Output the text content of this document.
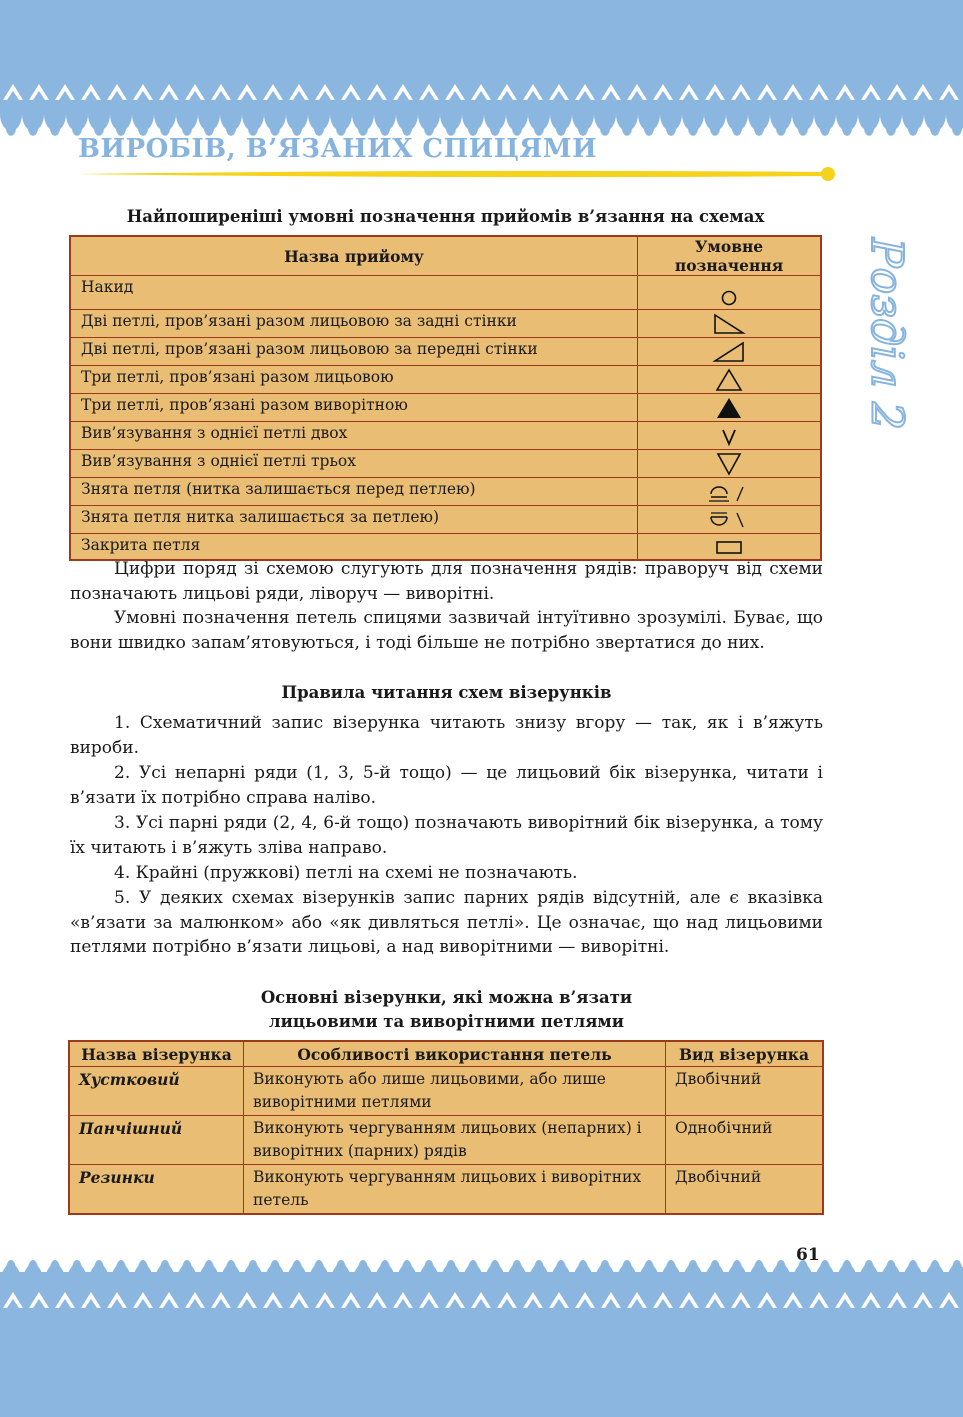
ВИРОБІВ, В’ЯЗАНИХ СПИЦЯМИ
Розділ 2
Найпоширеніші умовні позначення прийомів в’язання на схемах
Назва прийому	Умовне позначення
Накид	

Дві петлі, пров’язані разом лицьовою за задні стінки	

Дві петлі, пров’язані разом лицьовою за передні стінки	

Три петлі, пров’язані разом лицьовою	

Три петлі, пров’язані разом виворітною	

Вив’язування з однієї петлі двох	

Вив’язування з однієї петлі трьох	

Знята петля (нитка залишається перед петлею)	

Знята петля нитка залишається за петлею)	

Закрита петля	
Цифри поряд зі схемою слугують для позначення рядів: праворуч від схеми позначають лицьові ряди, ліворуч — виворітні.
Умовні позначення петель спицями зазвичай інтуїтивно зрозумілі. Буває, що вони швидко запам’ятовуються, і тоді більше не потрібно звертатися до них.
Правила читання схем візерунків
1. Схематичний запис візерунка читають знизу вгору — так, як і в’яжуть вироби.
2. Усі непарні ряди (1, 3, 5-й тощо) — це лицьовий бік візерунка, читати і в’язати їх потрібно справа наліво.
3. Усі парні ряди (2, 4, 6-й тощо) позначають виворітний бік візерунка, а тому їх читають і в’яжуть зліва направо.
4. Крайні (пружкові) петлі на схемі не позначають.
5. У деяких схемах візерунків запис парних рядів відсутній, але є вказівка «в’язати за малюнком» або «як дивляться петлі». Це означає, що над лицьовими петлями потрібно в’язати лицьові, а над виворітними — виворітні.
Основні візерунки, які можна в’язати
лицьовими та виворітними петлями
Назва візерунка	Особливості використання петель	Вид візерунка
Хустковий	Виконують або лише лицьовими, або лише виворітними петлями	Двобічний
Панчішний	Виконують чергуванням лицьових (непарних) і виворітних (парних) рядів	Однобічний
Резинки	Виконують чергуванням лицьових і виворітних петель	Двобічний
